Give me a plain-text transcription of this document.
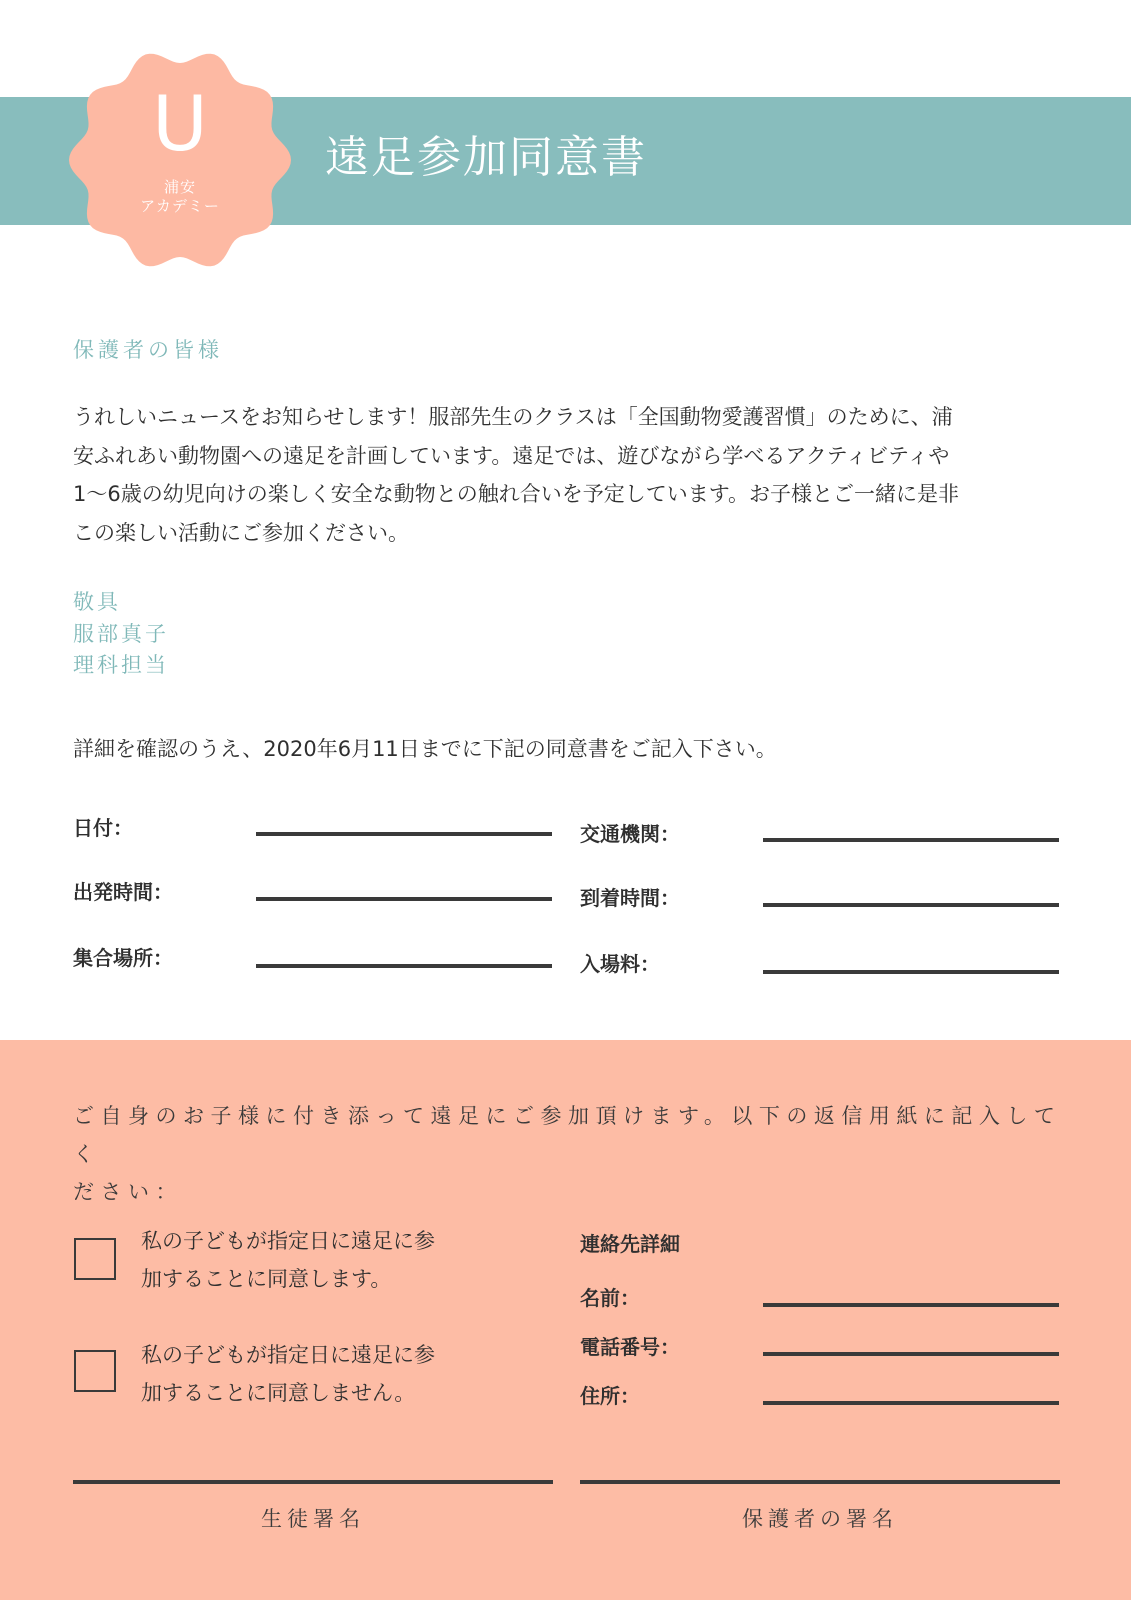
U
浦安
アカデミー
遠足参加同意書
保護者の皆様
うれしいニュースをお知らせします！服部先生のクラスは「全国動物愛護習慣」のために、浦
安ふれあい動物園への遠足を計画しています。遠足では、遊びながら学べるアクティビティや
1〜6歳の幼児向けの楽しく安全な動物との触れ合いを予定しています。お子様とご一緒に是非
この楽しい活動にご参加ください。
敬具
服部真子
理科担当
詳細を確認のうえ、2020年6月11日までに下記の同意書をご記入下さい。
日付：	交通機関：
出発時間：	到着時間：
集合場所：	入場料：
ご自身のお子様に付き添って遠足にご参加頂けます。以下の返信用紙に記入してく
ださい：
私の子どもが指定日に遠足に参
加することに同意します。
私の子どもが指定日に遠足に参
加することに同意しません。
連絡先詳細
名前：
電話番号：
住所：
生徒署名	保護者の署名
